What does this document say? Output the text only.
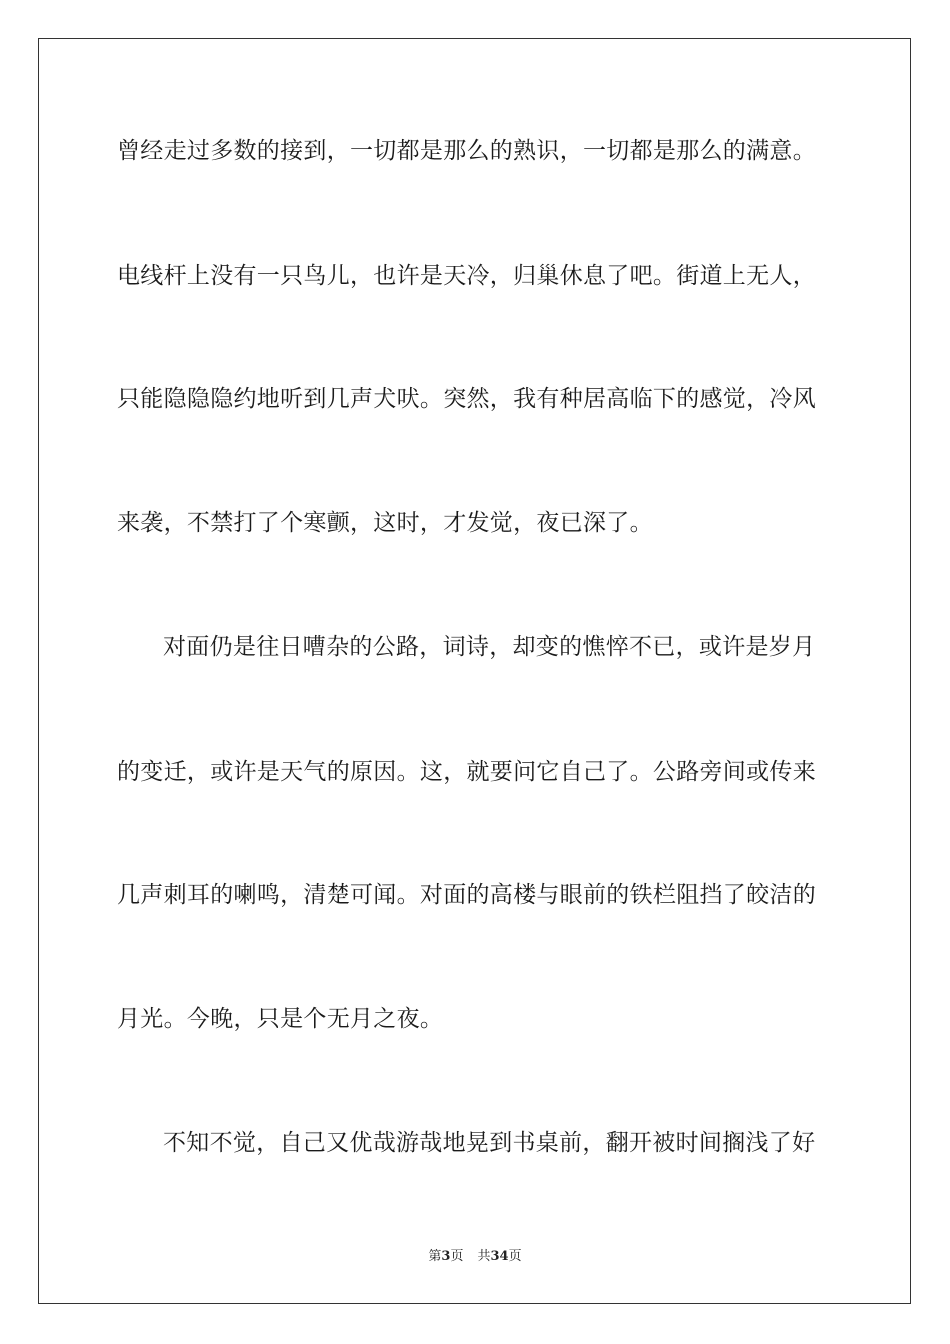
曾经走过多数的接到，一切都是那么的熟识，一切都是那么的满意。
电线杆上没有一只鸟儿，也许是天冷，归巢休息了吧。街道上无人，
只能隐隐隐约地听到几声犬吠。突然，我有种居高临下的感觉，冷风
来袭，不禁打了个寒颤，这时，才发觉，夜已深了。
对面仍是往日嘈杂的公路，词诗，却变的憔悴不已，或许是岁月
的变迁，或许是天气的原因。这，就要问它自己了。公路旁间或传来
几声刺耳的喇鸣，清楚可闻。对面的高楼与眼前的铁栏阻挡了皎洁的
月光。今晚，只是个无月之夜。
不知不觉，自己又优哉游哉地晃到书桌前，翻开被时间搁浅了好
第3页 共34页
